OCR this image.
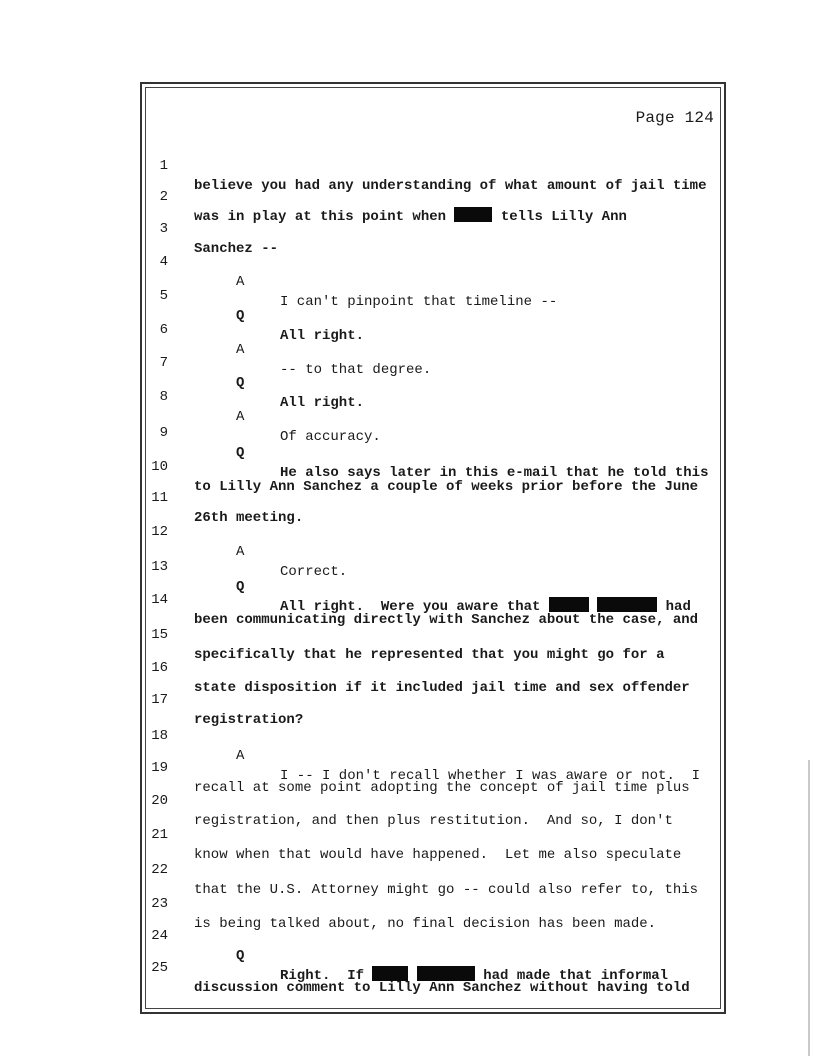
Page 124

1

believe you had any understanding of what amount of jail time

2

was in play at this point when	tells Lilly Ann

3

Sanchez --

4

A

I can't pinpoint that timeline --

5

Q

All right.

6

A

-- to that degree.

7

Q

All right.

8

A

Of accuracy.

9

Q

He also says later in this e-mail that he told this

10

to Lilly Ann Sanchez a couple of weeks prior before the June

11

26th meeting.

12

A

Correct.

13

Q

All right.  Were you aware that	had

14

been communicating directly with Sanchez about the case, and

15

specifically that he represented that you might go for a

16

state disposition if it included jail time and sex offender

17

registration?

18

A

I -- I don't recall whether I was aware or not.  I

19

recall at some point adopting the concept of jail time plus

20

registration, and then plus restitution.  And so, I don't

21

know when that would have happened.  Let me also speculate

22

that the U.S. Attorney might go -- could also refer to, this

23

is being talked about, no final decision has been made.

24

Q

Right.  If	had made that informal

25

discussion comment to Lilly Ann Sanchez without having told
